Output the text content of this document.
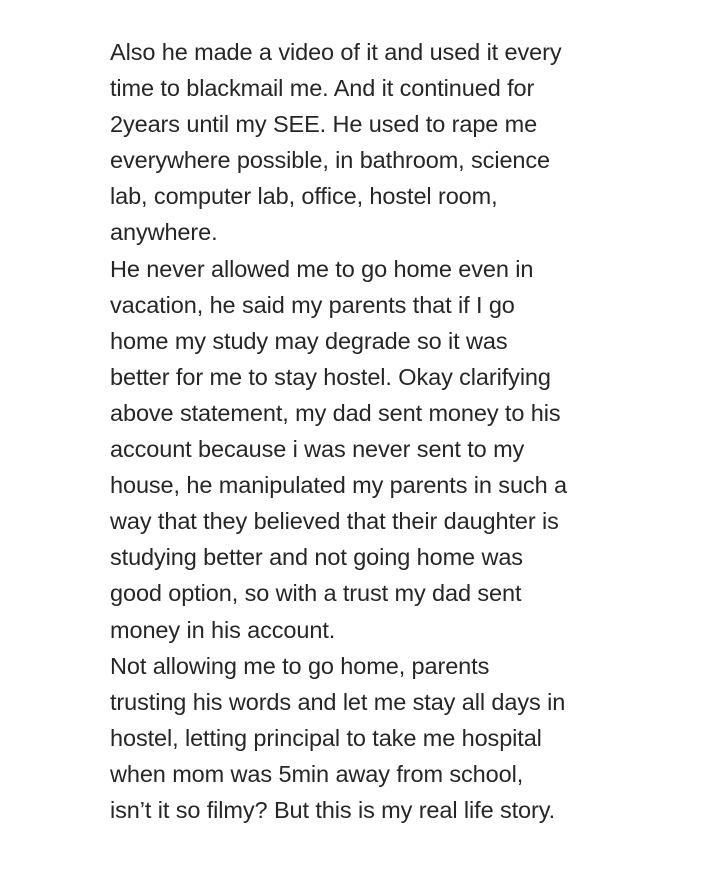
Also he made a video of it and used it every
time to blackmail me. And it continued for
2years until my SEE. He used to rape me
everywhere possible, in bathroom, science
lab, computer lab, office, hostel room,
anywhere.
He never allowed me to go home even in
vacation, he said my parents that if I go
home my study may degrade so it was
better for me to stay hostel. Okay clarifying
above statement, my dad sent money to his
account because i was never sent to my
house, he manipulated my parents in such a
way that they believed that their daughter is
studying better and not going home was
good option, so with a trust my dad sent
money in his account.
Not allowing me to go home, parents
trusting his words and let me stay all days in
hostel, letting principal to take me hospital
when mom was 5min away from school,
isn’t it so filmy? But this is my real life story.
